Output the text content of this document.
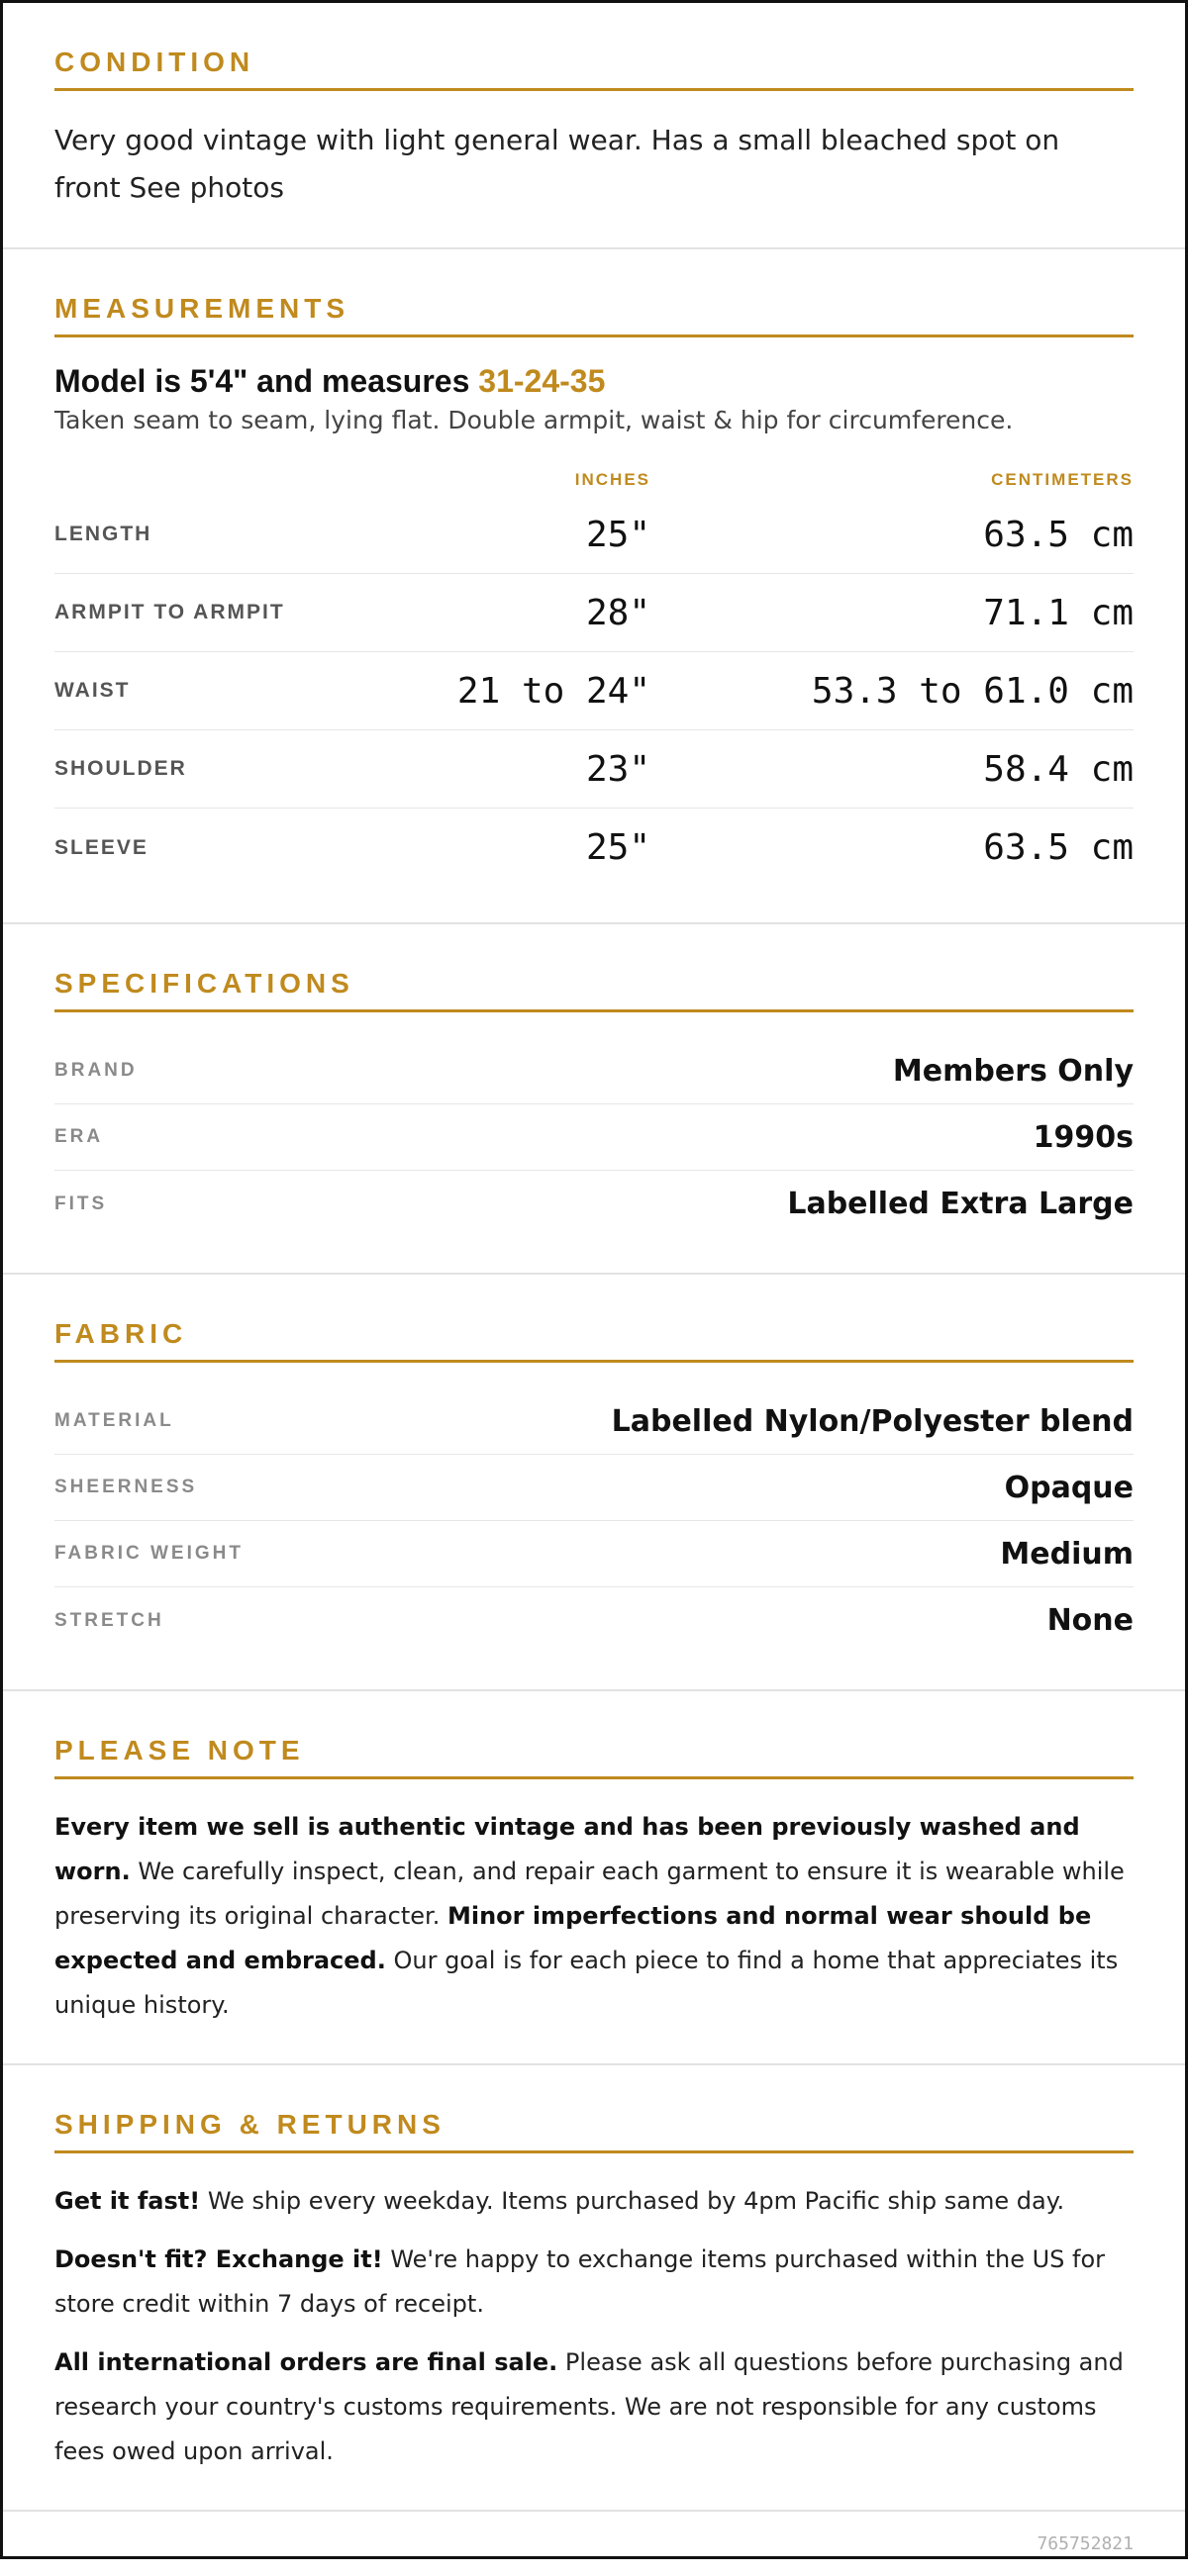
CONDITION
Very good vintage with light general wear. Has a small bleached spot on front See photos
MEASUREMENTS
Model is 5'4" and measures 31-24-35
Taken seam to seam, lying flat. Double armpit, waist & hip for circumference.
INCHES	CENTIMETERS
LENGTH	25"	63.5 cm
ARMPIT TO ARMPIT	28"	71.1 cm
WAIST	21 to 24"	53.3 to 61.0 cm
SHOULDER	23"	58.4 cm
SLEEVE	25"	63.5 cm
SPECIFICATIONS
BRAND	Members Only
ERA	1990s
FITS	Labelled Extra Large
FABRIC
MATERIAL	Labelled Nylon/Polyester blend
SHEERNESS	Opaque
FABRIC WEIGHT	Medium
STRETCH	None
PLEASE NOTE

Every item we sell is authentic vintage and has been previously washed and worn. We carefully inspect, clean, and repair each garment to ensure it is wearable while preserving its original character. Minor imperfections and normal wear should be expected and embraced. Our goal is for each piece to find a home that appreciates its unique history.

SHIPPING & RETURNS

Get it fast! We ship every weekday. Items purchased by 4pm Pacific ship same day.

Doesn't fit? Exchange it! We're happy to exchange items purchased within the US for store credit within 7 days of receipt.

All international orders are final sale. Please ask all questions before purchasing and research your country's customs requirements. We are not responsible for any customs fees owed upon arrival.

765752821
